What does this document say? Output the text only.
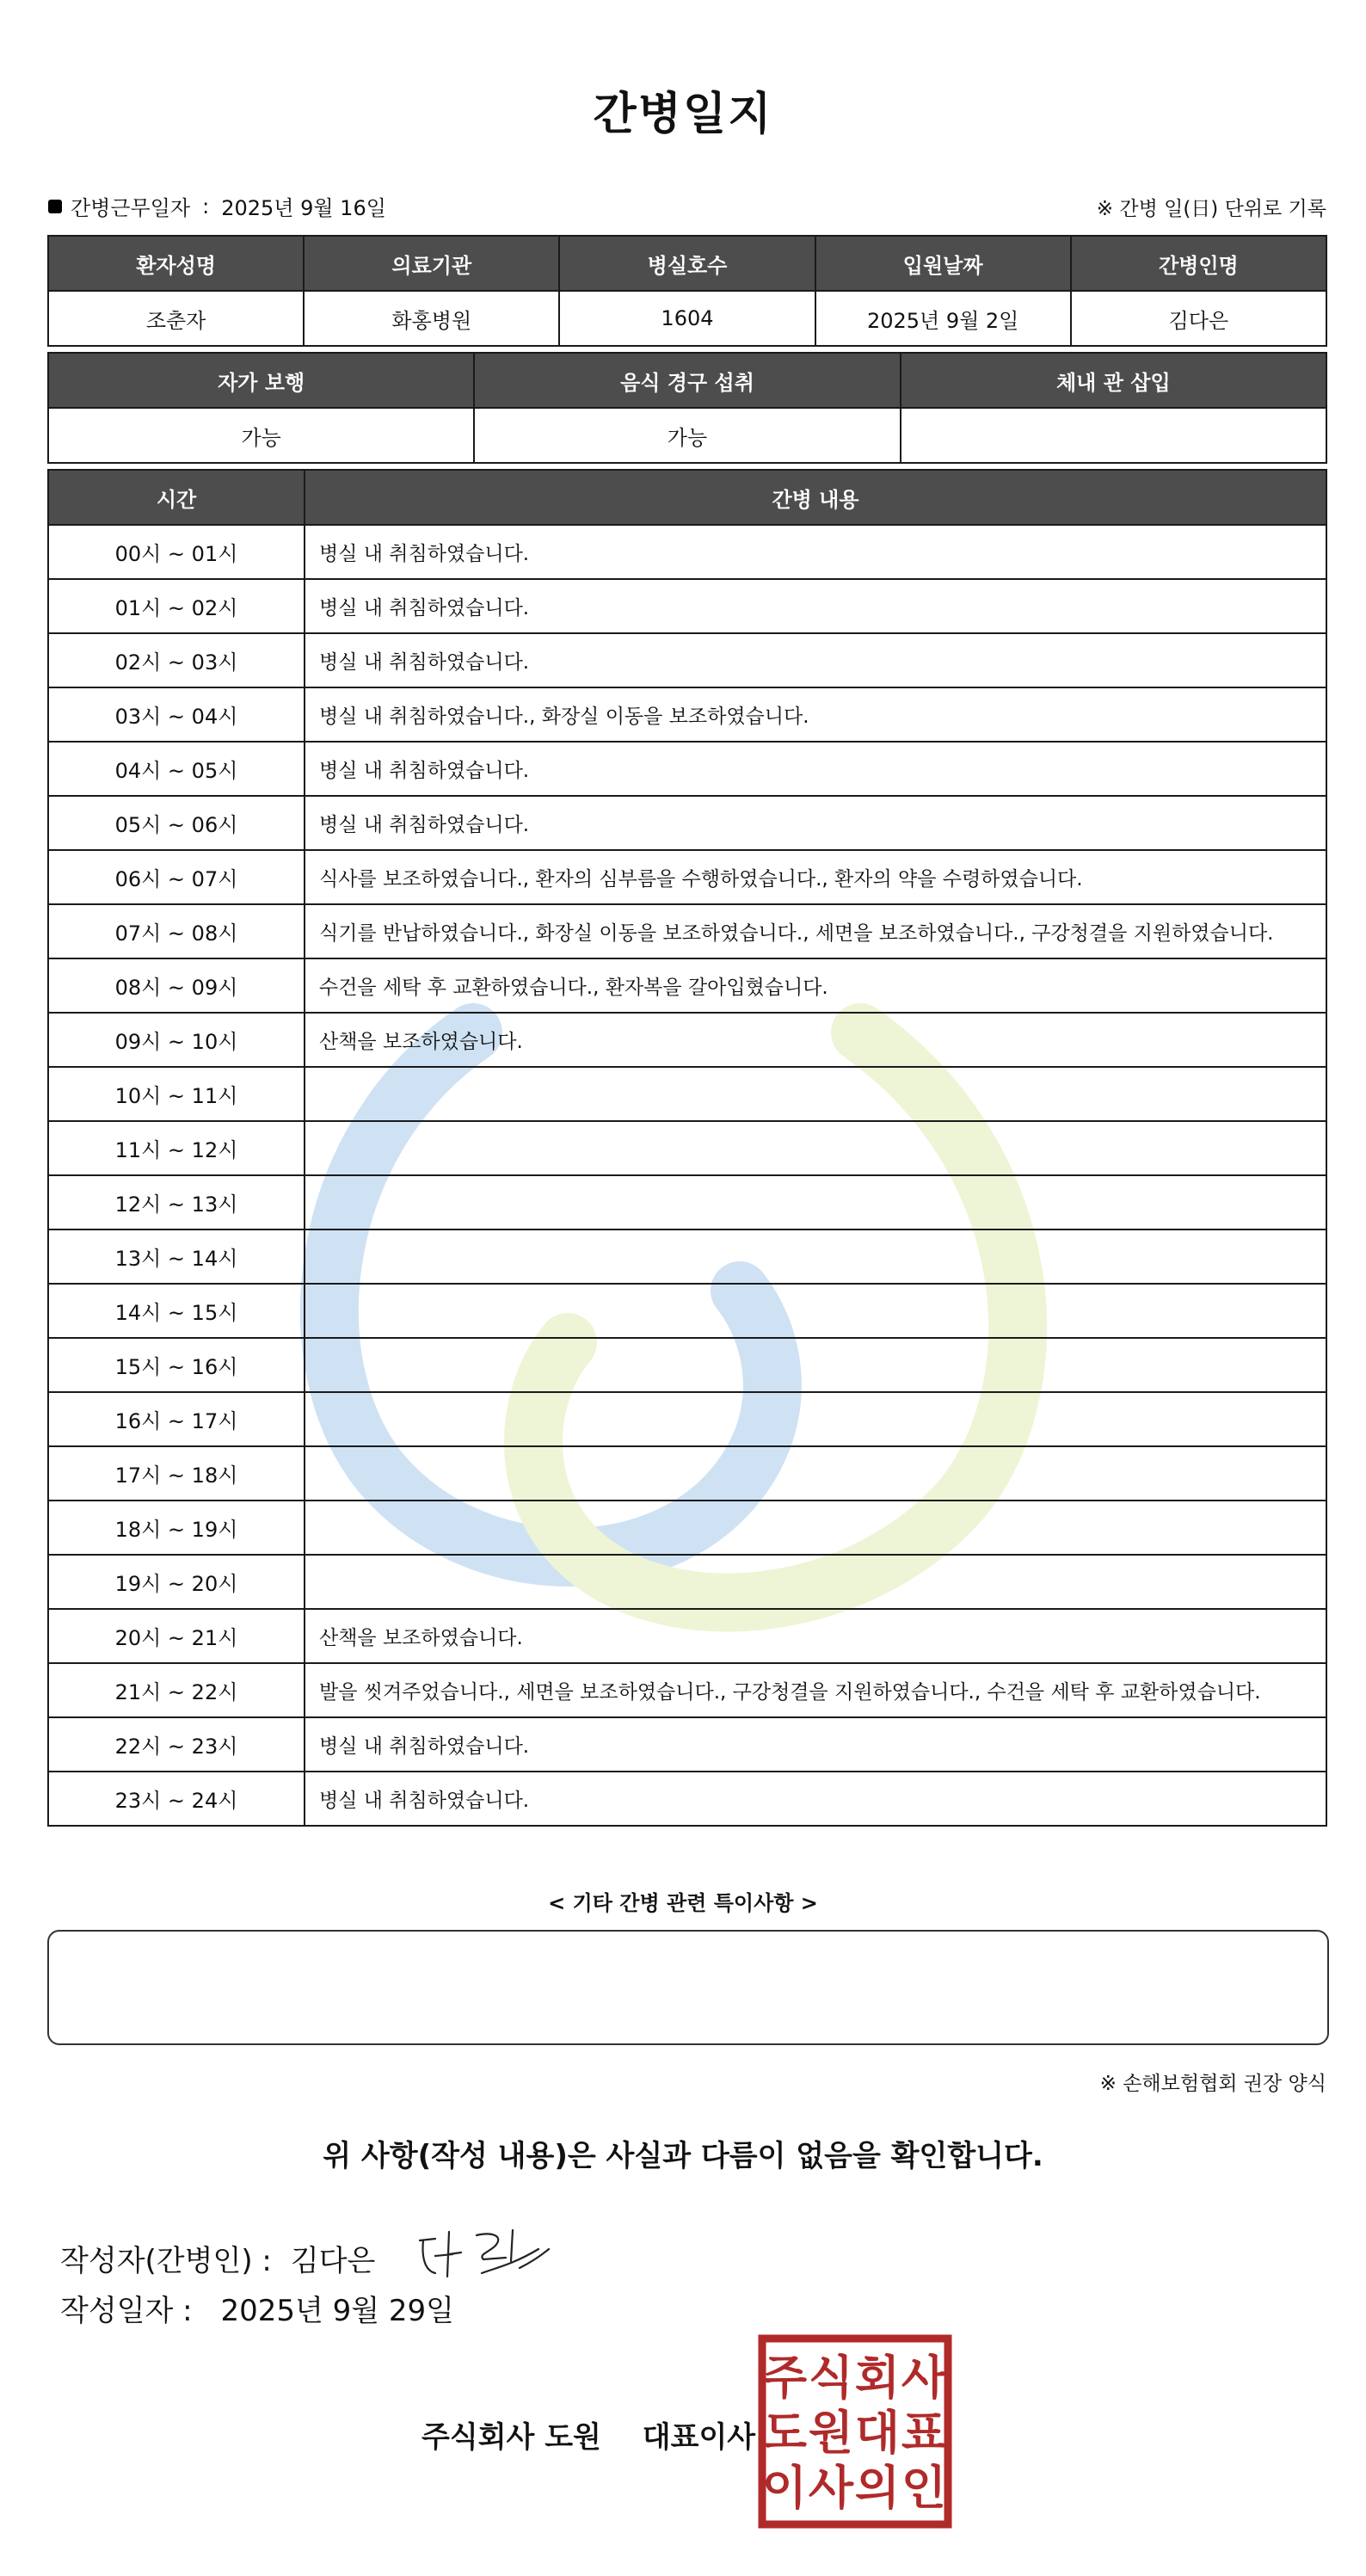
간병일지
간병근무일자 : 2025년 9월 16일	※ 간병 일(日) 단위로 기록
환자성명	의료기관	병실호수	입원날짜	간병인명
조춘자	화홍병원	1604	2025년 9월 2일	김다은
자가 보행	음식 경구 섭취	체내 관 삽입
가능	가능	
시간	간병 내용
00시 ~ 01시	병실 내 취침하였습니다.
01시 ~ 02시	병실 내 취침하였습니다.
02시 ~ 03시	병실 내 취침하였습니다.
03시 ~ 04시	병실 내 취침하였습니다., 화장실 이동을 보조하였습니다.
04시 ~ 05시	병실 내 취침하였습니다.
05시 ~ 06시	병실 내 취침하였습니다.
06시 ~ 07시	식사를 보조하였습니다., 환자의 심부름을 수행하였습니다., 환자의 약을 수령하였습니다.
07시 ~ 08시	식기를 반납하였습니다., 화장실 이동을 보조하였습니다., 세면을 보조하였습니다., 구강청결을 지원하였습니다.
08시 ~ 09시	수건을 세탁 후 교환하였습니다., 환자복을 갈아입혔습니다.
09시 ~ 10시	산책을 보조하였습니다.
10시 ~ 11시	
11시 ~ 12시	
12시 ~ 13시	
13시 ~ 14시	
14시 ~ 15시	
15시 ~ 16시	
16시 ~ 17시	
17시 ~ 18시	
18시 ~ 19시	
19시 ~ 20시	
20시 ~ 21시	산책을 보조하였습니다.
21시 ~ 22시	발을 씻겨주었습니다., 세면을 보조하였습니다., 구강청결을 지원하였습니다., 수건을 세탁 후 교환하였습니다.
22시 ~ 23시	병실 내 취침하였습니다.
23시 ~ 24시	병실 내 취침하였습니다.
< 기타 간병 관련 특이사항 >
※ 손해보험협회 권장 양식
위 사항(작성 내용)은 사실과 다름이 없음을 확인합니다.
작성자(간병인) : 김다은
작성일자 : 2025년 9월 29일
주식회사 도원 대표이사
주 식 회 사
도 원 대 표
이 사 의 인
